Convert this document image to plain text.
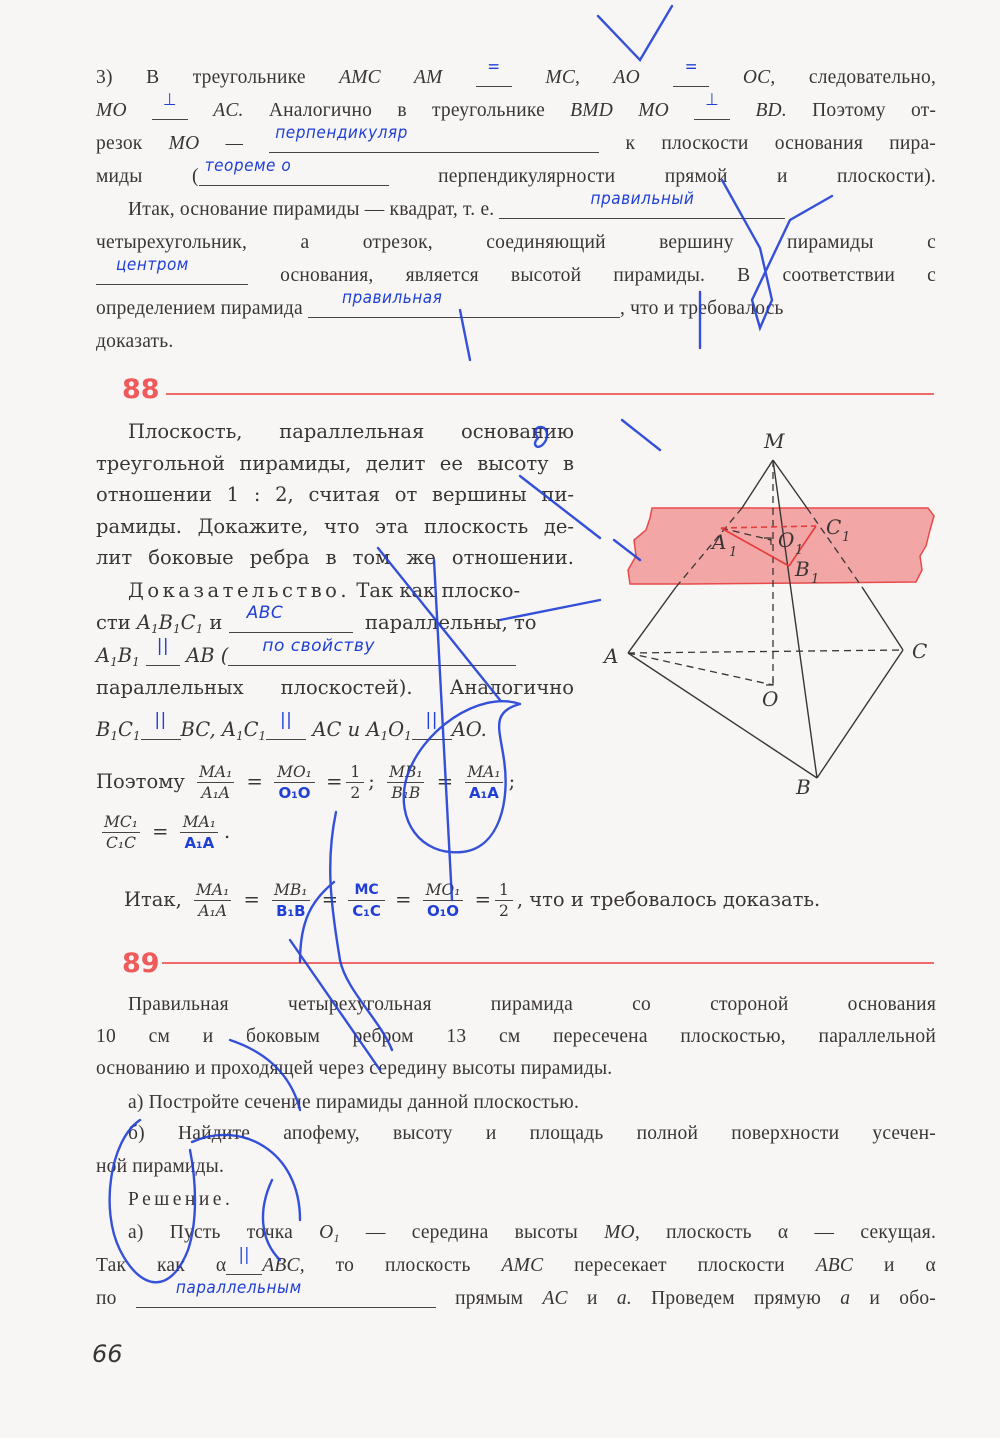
3) В треугольнике AMC AM	= MC, AO	= OC, следовательно,
MO ⊥ AC. Аналогично в треугольнике BMD MO ⊥ BD. Поэтому от-
резок MO — перпендикуляр	к плоскости основания пира-
миды ( теореме о	перпендикулярности прямой и плоскости).
Итак, основание пирамиды — квадрат, т. е.	правильный
четырехугольник, а отрезок, соединяющий вершину пирамиды с
центром	основания, является высотой пирамиды. В соответствии с
определением пирамида правильная	, что и требовалось
доказать.
88
Плоскость, параллельная основанию
треугольной пирамиды, делит ее высоту в
отношении 1 : 2, считая от вершины пи-
рамиды. Докажите, что эта плоскость де-
лит боковые ребра в том же отношении.
Доказательство. Так как плоско-
сти $A_1B_1C_1$ и ABC	параллельны, то
$A_1B_1$
|| AB ( по свойству
параллельных плоскостей). Аналогично
$B_1C_1$
|| BC, $A_1C_1$
|| AC и $A_1O_1$
|| AO.
Поэтому $\frac{\text{MA₁}}{\text{A₁A}} = \frac{\text{MO₁}}{\text{O₁O}} = \frac{1}{2}$ ; $\frac{\text{MB₁}}{\text{B₁B}} = \frac{\text{MA₁}}{\text{A₁A}}$ ;
$\frac{\text{MC₁}}{\text{C₁C}} = \frac{\text{MA₁}}{\text{A₁A}}$ .
Итак, $\frac{\text{MA₁}}{\text{A₁A}} = \frac{\text{MB₁}}{\text{B₁B}} = \frac{MC}{\text{C₁C}} = \frac{\text{MO₁}}{\text{O₁O}} = \frac{1}{2}$ , что и требовалось доказать.
89
Правильная четырехугольная пирамида со стороной основания
10 см и боковым ребром 13 см пересечена плоскостью, параллельной
основанию и проходящей через середину высоты пирамиды.
а) Постройте сечение пирамиды данной плоскостью.
б) Найдите апофему, высоту и площадь полной поверхности усечен-
ной пирамиды.
Решение.
а) Пусть точка $O_1$ — середина высоты MO, плоскость α — секущая.
Так как α || ABC, то плоскость AMC пересекает плоскости ABC и α
по	параллельным	прямым AC и a. Проведем прямую a и обо-
66
M
A	C
B
O
A 1
O 1
C 1
B 1
